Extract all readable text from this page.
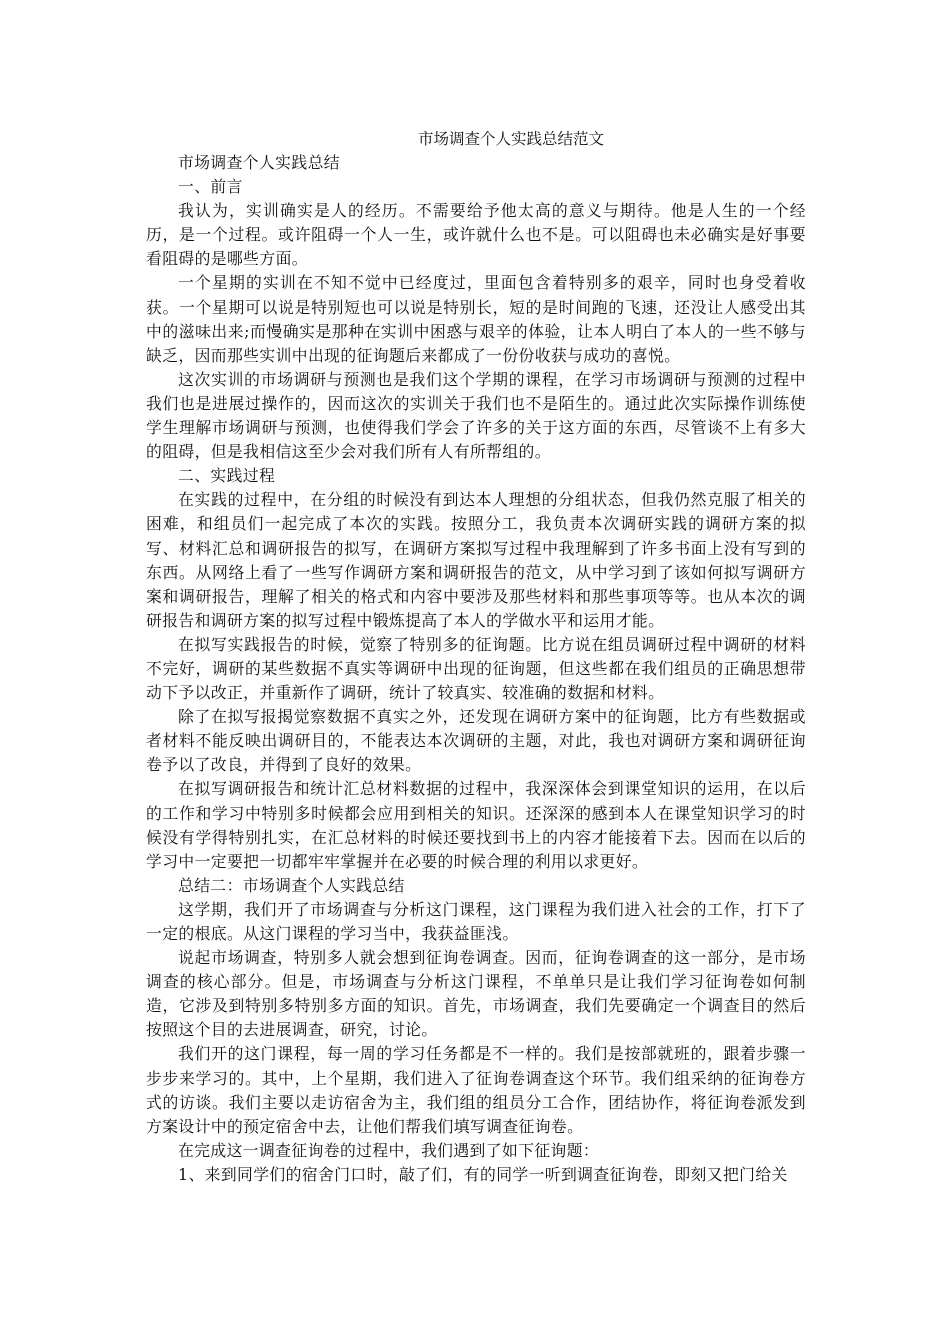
市场调查个人实践总结范文

市场调查个人实践总结

一、前言

我认为，实训确实是人的经历。不需要给予他太高的意义与期待。他是人生的一个经历，是一个过程。或许阻碍一个人一生，或许就什么也不是。可以阻碍也未必确实是好事要看阻碍的是哪些方面。

一个星期的实训在不知不觉中已经度过，里面包含着特别多的艰辛，同时也身受着收获。一个星期可以说是特别短也可以说是特别长，短的是时间跑的飞速，还没让人感受出其中的滋味出来;而慢确实是那种在实训中困惑与艰辛的体验，让本人明白了本人的一些不够与缺乏，因而那些实训中出现的征询题后来都成了一份份收获与成功的喜悦。

这次实训的市场调研与预测也是我们这个学期的课程，在学习市场调研与预测的过程中我们也是进展过操作的，因而这次的实训关于我们也不是陌生的。通过此次实际操作训练使学生理解市场调研与预测，也使得我们学会了许多的关于这方面的东西，尽管谈不上有多大的阻碍，但是我相信这至少会对我们所有人有所帮组的。

二、实践过程

在实践的过程中，在分组的时候没有到达本人理想的分组状态，但我仍然克服了相关的困难，和组员们一起完成了本次的实践。按照分工，我负责本次调研实践的调研方案的拟写、材料汇总和调研报告的拟写，在调研方案拟写过程中我理解到了许多书面上没有写到的东西。从网络上看了一些写作调研方案和调研报告的范文，从中学习到了该如何拟写调研方案和调研报告，理解了相关的格式和内容中要涉及那些材料和那些事项等等。也从本次的调研报告和调研方案的拟写过程中锻炼提高了本人的学做水平和运用才能。

在拟写实践报告的时候，觉察了特别多的征询题。比方说在组员调研过程中调研的材料不完好，调研的某些数据不真实等调研中出现的征询题，但这些都在我们组员的正确思想带动下予以改正，并重新作了调研，统计了较真实、较准确的数据和材料。

除了在拟写报揭觉察数据不真实之外，还发现在调研方案中的征询题，比方有些数据或者材料不能反映出调研目的，不能表达本次调研的主题，对此，我也对调研方案和调研征询卷予以了改良，并得到了良好的效果。

在拟写调研报告和统计汇总材料数据的过程中，我深深体会到课堂知识的运用，在以后的工作和学习中特别多时候都会应用到相关的知识。还深深的感到本人在课堂知识学习的时候没有学得特别扎实，在汇总材料的时候还要找到书上的内容才能接着下去。因而在以后的学习中一定要把一切都牢牢掌握并在必要的时候合理的利用以求更好。

总结二：市场调查个人实践总结

这学期，我们开了市场调查与分析这门课程，这门课程为我们进入社会的工作，打下了一定的根底。从这门课程的学习当中，我获益匪浅。

说起市场调查，特别多人就会想到征询卷调查。因而，征询卷调查的这一部分，是市场调查的核心部分。但是，市场调查与分析这门课程，不单单只是让我们学习征询卷如何制造，它涉及到特别多特别多方面的知识。首先，市场调查，我们先要确定一个调查目的然后按照这个目的去进展调查，研究，讨论。

我们开的这门课程，每一周的学习任务都是不一样的。我们是按部就班的，跟着步骤一步步来学习的。其中，上个星期，我们进入了征询卷调查这个环节。我们组采纳的征询卷方式的访谈。我们主要以走访宿舍为主，我们组的组员分工合作，团结协作，将征询卷派发到方案设计中的预定宿舍中去，让他们帮我们填写调查征询卷。

在完成这一调查征询卷的过程中，我们遇到了如下征询题：

1、来到同学们的宿舍门口时，敲了们，有的同学一听到调查征询卷，即刻又把门给关
